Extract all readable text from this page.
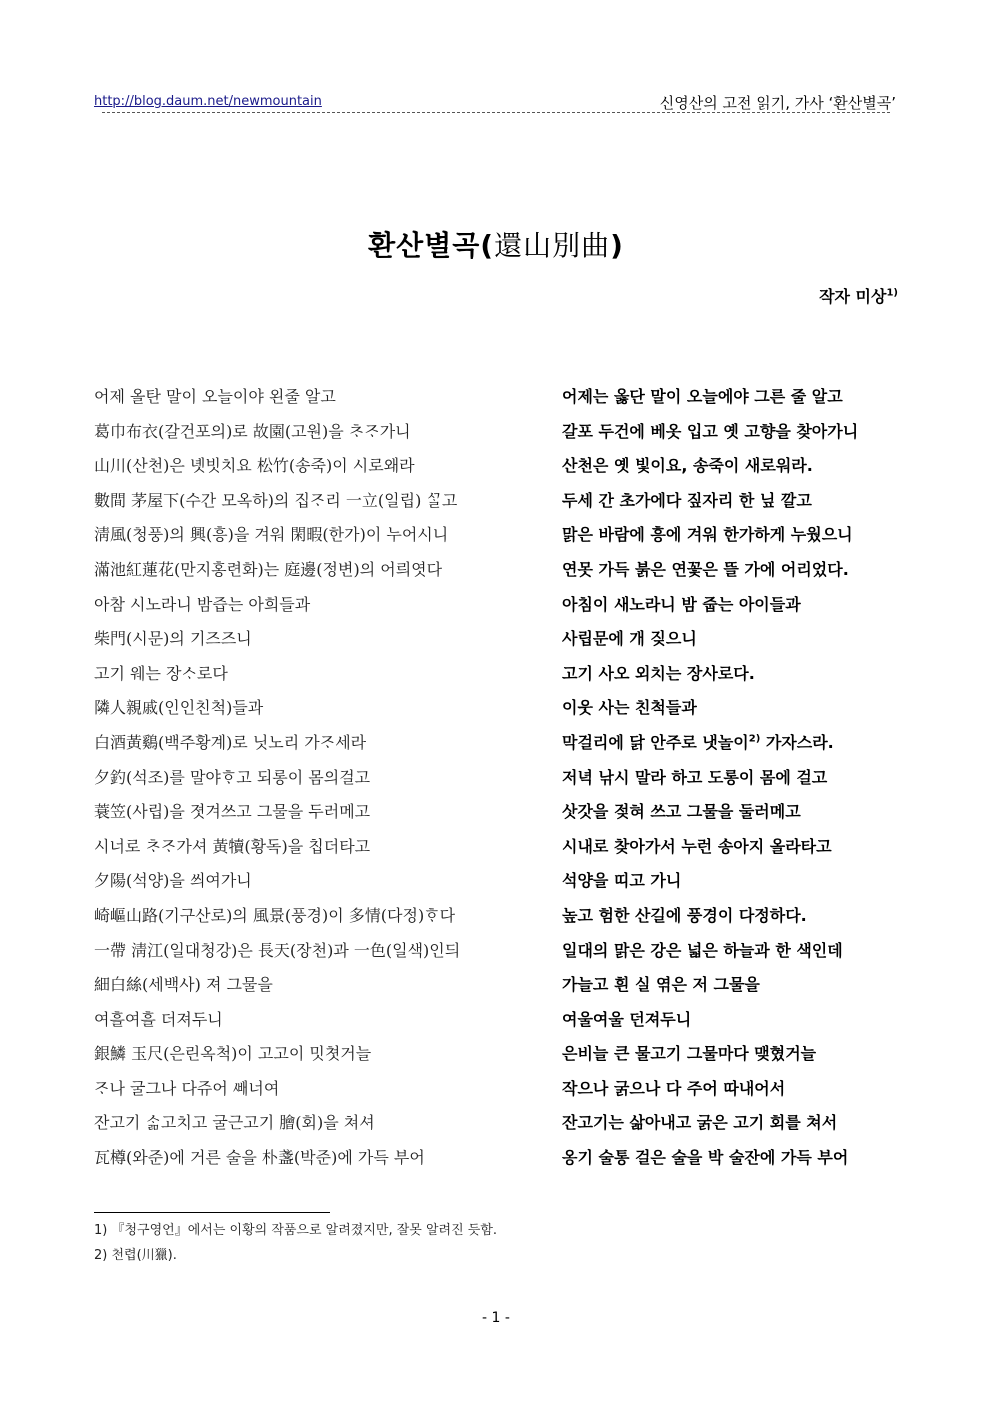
http://blog.daum.net/newmountain	신영산의 고전 읽기, 가사 ‘환산별곡’
환산별곡(還山別曲)
작자 미상$^{1)}$
어제 올탄 말이 오늘이야 왼줄 알고	어제는 옳단 말이 오늘에야 그른 줄 알고
葛巾布衣(갈건포의)로 故園(고원)을 ᄎᆞᄌᆞ가니	갈포 두건에 베옷 입고 옛 고향을 찾아가니
山川(산천)은 녯빗치요 松竹(송죽)이 시로왜라	산천은 옛 빛이요, 송죽이 새로워라.
數間 茅屋下(수간 모옥하)의 집ᄌᆞ리 一立(일립) ᄭᆞᆯ고	두세 간 초가에다 짚자리 한 닢 깔고
淸風(청풍)의 興(흥)을 겨워 閑暇(한가)이 누어시니	맑은 바람에 흥에 겨워 한가하게 누웠으니
滿池紅蓮花(만지홍련화)는 庭邊(정변)의 어릐엿다	연못 가득 붉은 연꽃은 뜰 가에 어리었다.
아참 시노라니 밤즙는 아희들과	아침이 새노라니 밤 줍는 아이들과
柴門(시문)의 기즈즈니	사립문에 개 짖으니
고기 웨는 장ᄉᆞ로다	고기 사오 외치는 장사로다.
隣人親戚(인인친척)들과	이웃 사는 친척들과
白酒黃鷄(백주황계)로 닛노리 가ᄌᆞ세라	막걸리에 닭 안주로 냇놀이$^{2)}$ 가자스라.
夕釣(석조)를 말야ᄒᆞ고 되롱이 몸의걸고	저녁 낚시 말라 하고 도롱이 몸에 걸고
蓑笠(사립)을 졋겨쓰고 그물을 두러메고	삿갓을 젖혀 쓰고 그물을 둘러메고
시너로 ᄎᆞᄌᆞ가셔 黃犢(황독)을 칩더타고	시내로 찾아가서 누런 송아지 올라타고
夕陽(석양)을 씌여가니	석양을 띠고 가니
崎嶇山路(기구산로)의 風景(풍경)이 多情(다정)ᄒᆞ다	높고 험한 산길에 풍경이 다정하다.
一帶 淸江(일대청강)은 長天(장천)과 一色(일색)인듸	일대의 맑은 강은 넓은 하늘과 한 색인데
細白絲(세백사) 져 그물을	가늘고 흰 실 엮은 저 그물을
여흘여흘 더져두니	여울여울 던져두니
銀鱗 玉尺(은린옥척)이 고고이 밋쳣거늘	은비늘 큰 물고기 그물마다 맺혔거늘
ᄌᆞ나 굴그나 다쥬어 ᄲᅢ너여	작으나 굵으나 다 주어 따내어서
잔고기 ᄉᆞᆱ고치고 굴근고기 膾(회)을 쳐셔	잔고기는 삶아내고 굵은 고기 회를 쳐서
瓦樽(와준)에 거른 술을 朴盞(박준)에 가득 부어	옹기 술통 걸은 술을 박 술잔에 가득 부어
1) 『청구영언』에서는 이황의 작품으로 알려졌지만, 잘못 알려진 듯함.
2) 천렵(川獵).
- 1 -
